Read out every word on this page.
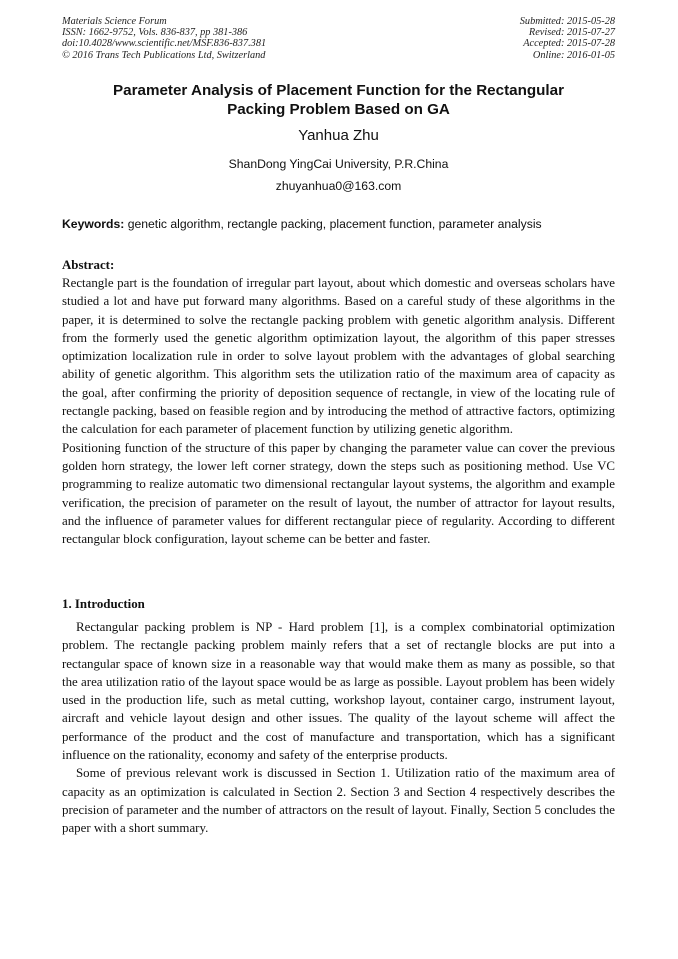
Materials Science Forum
ISSN: 1662-9752, Vols. 836-837, pp 381-386
doi:10.4028/www.scientific.net/MSF.836-837.381
© 2016 Trans Tech Publications Ltd, Switzerland
Submitted: 2015-05-28
Revised: 2015-07-27
Accepted: 2015-07-28
Online: 2016-01-05
Parameter Analysis of Placement Function for the Rectangular
Packing Problem Based on GA
Yanhua Zhu
ShanDong YingCai University, P.R.China
zhuyanhua0@163.com
Keywords: genetic algorithm, rectangle packing, placement function, parameter analysis
Abstract:

Rectangle part is the foundation of irregular part layout, about which domestic and overseas scholars have studied a lot and have put forward many algorithms. Based on a careful study of these algorithms in the paper, it is determined to solve the rectangle packing problem with genetic algorithm analysis. Different from the formerly used the genetic algorithm optimization layout, the algorithm of this paper stresses optimization localization rule in order to solve layout problem with the advantages of global searching ability of genetic algorithm. This algorithm sets the utilization ratio of the maximum area of capacity as the goal, after confirming the priority of deposition sequence of rectangle, in view of the locating rule of rectangle packing, based on feasible region and by introducing the method of attractive factors, optimizing the calculation for each parameter of placement function by utilizing genetic algorithm.

Positioning function of the structure of this paper by changing the parameter value can cover the previous golden horn strategy, the lower left corner strategy, down the steps such as positioning method. Use VC programming to realize automatic two dimensional rectangular layout systems, the algorithm and example verification, the precision of parameter on the result of layout, the number of attractor for layout results, and the influence of parameter values for different rectangular piece of regularity. According to different rectangular block configuration, layout scheme can be better and faster.

1. Introduction

Rectangular packing problem is NP - Hard problem [1], is a complex combinatorial optimization problem. The rectangle packing problem mainly refers that a set of rectangle blocks are put into a rectangular space of known size in a reasonable way that would make them as many as possible, so that the area utilization ratio of the layout space would be as large as possible. Layout problem has been widely used in the production life, such as metal cutting, workshop layout, container cargo, instrument layout, aircraft and vehicle layout design and other issues. The quality of the layout scheme will affect the performance of the product and the cost of manufacture and transportation, which has a significant influence on the rationality, economy and safety of the enterprise products.

Some of previous relevant work is discussed in Section 1. Utilization ratio of the maximum area of capacity as an optimization is calculated in Section 2. Section 3 and Section 4 respectively describes the precision of parameter and the number of attractors on the result of layout. Finally, Section 5 concludes the paper with a short summary.
